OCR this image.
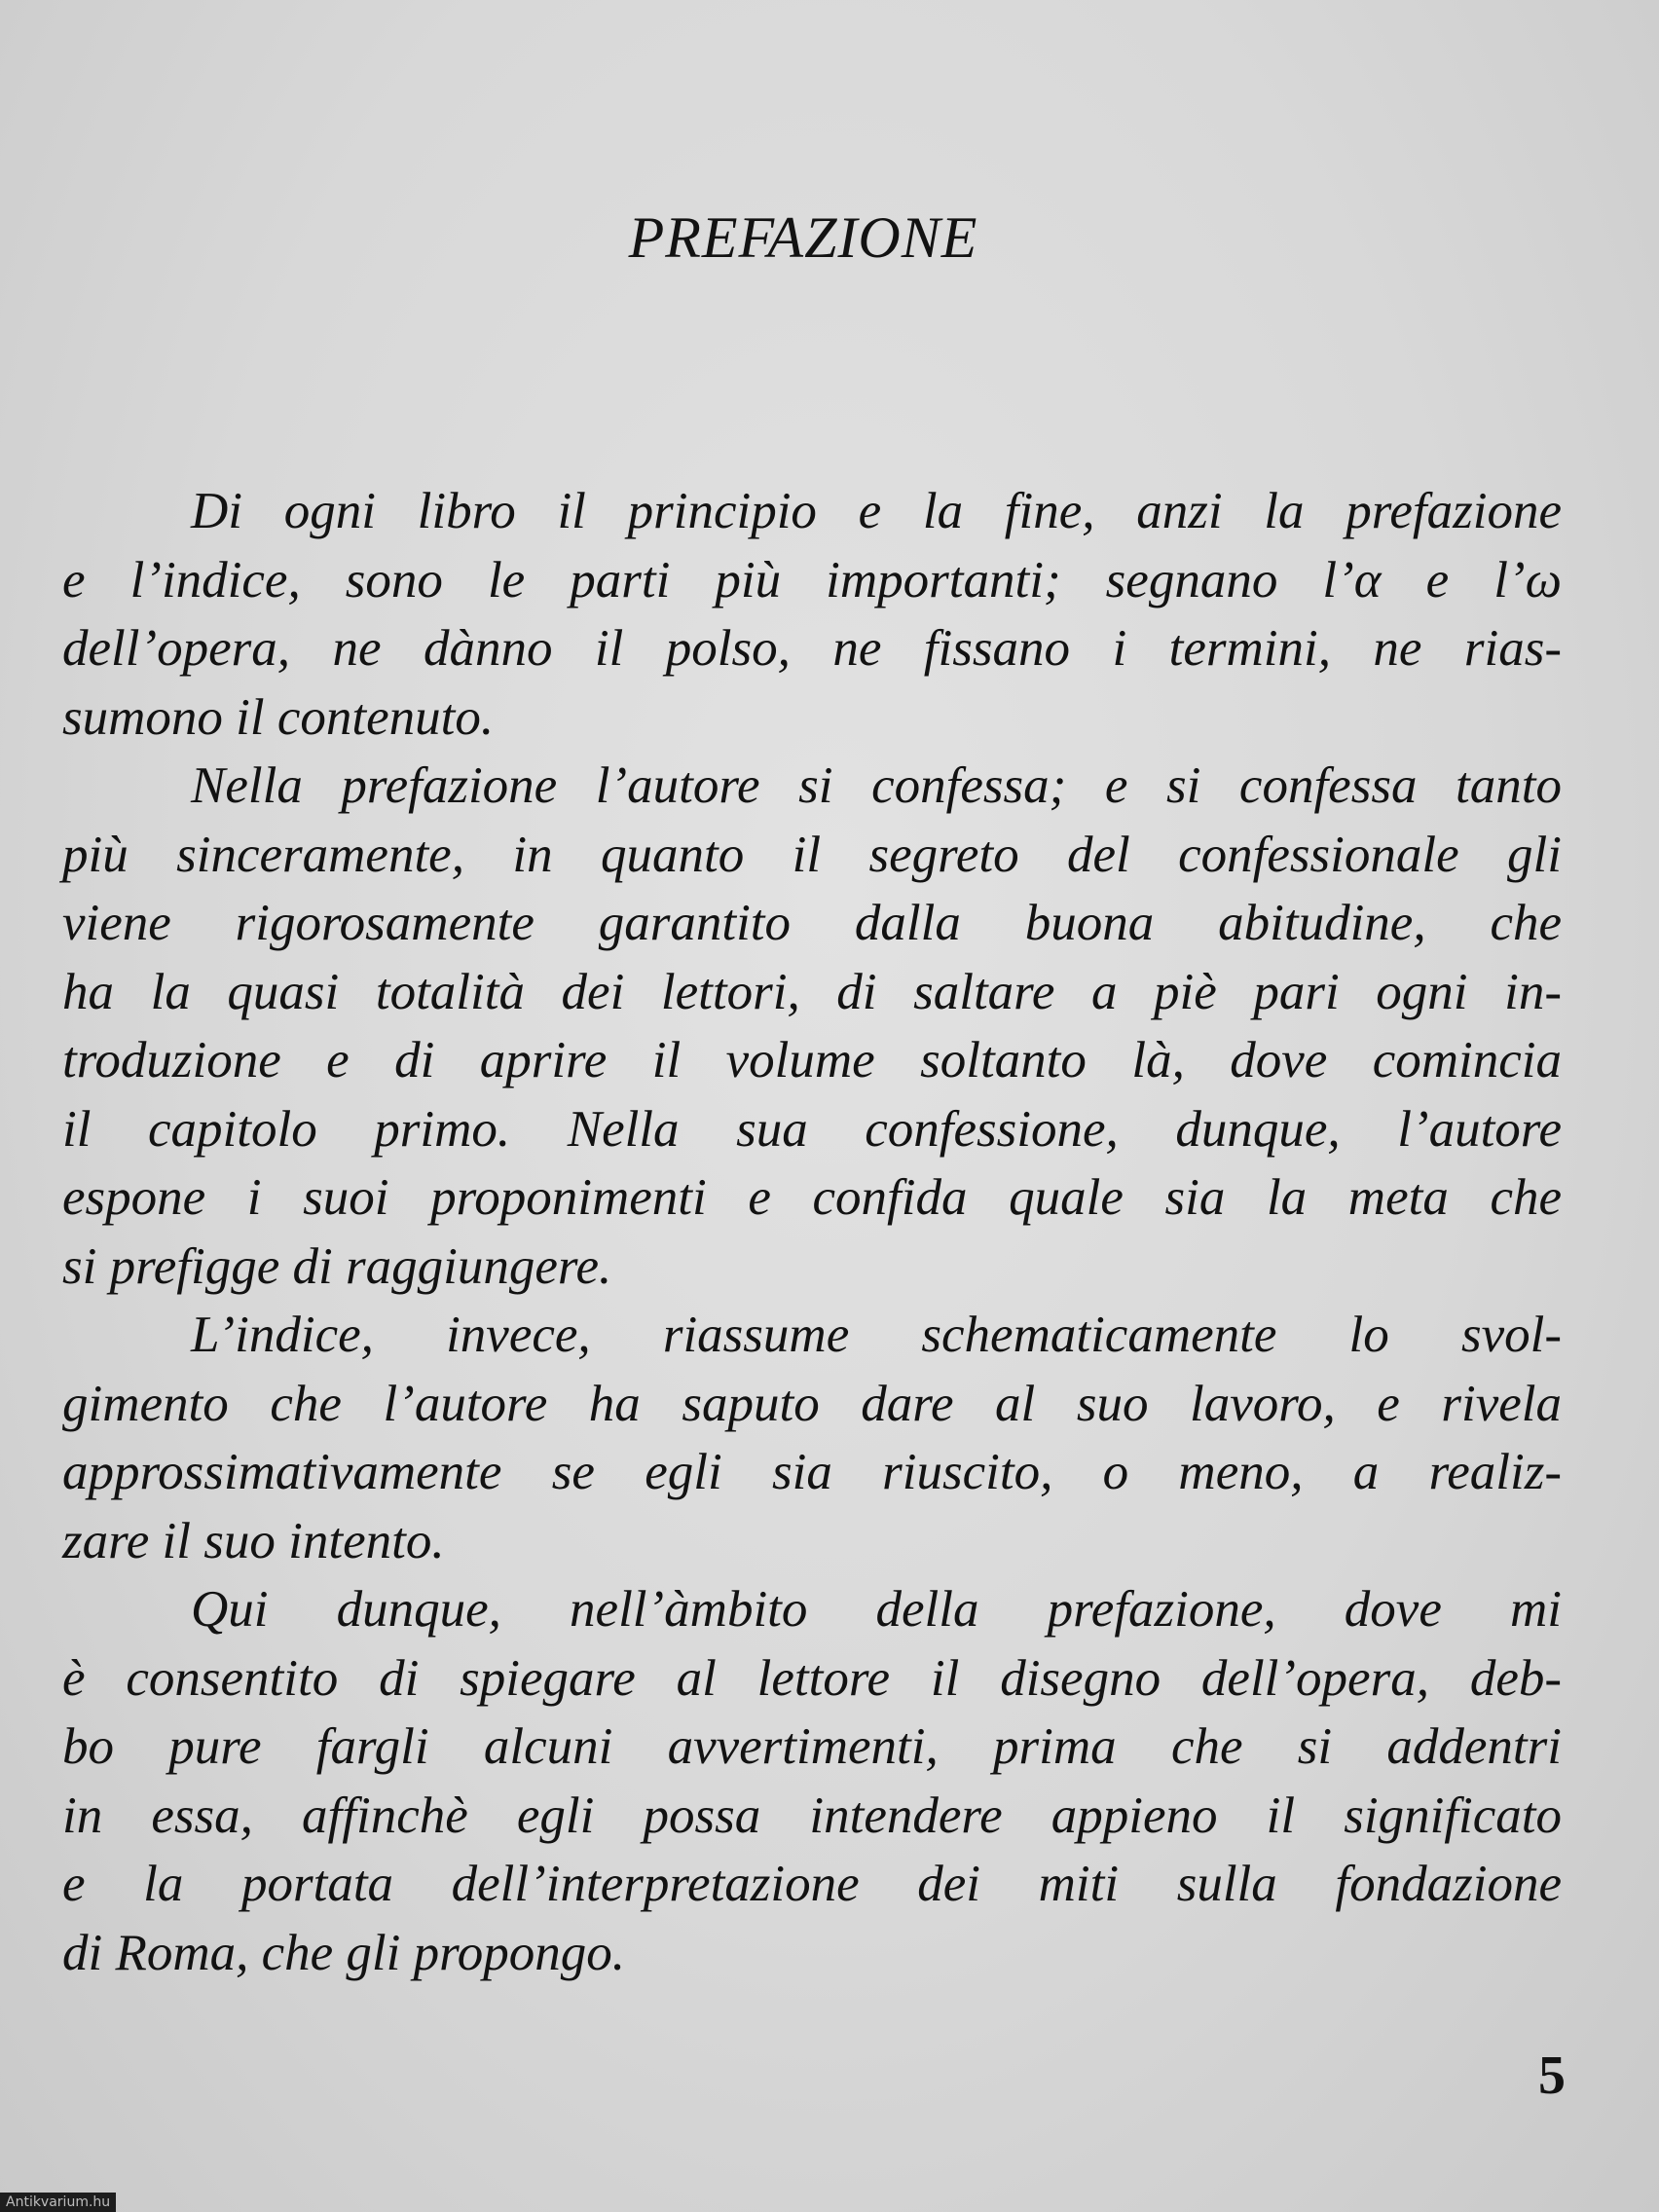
PREFAZIONE
Di ogni libro il principio e la fine, anzi la prefazione
e l’indice, sono le parti più importanti; segnano l’α e l’ω
dell’opera, ne dànno il polso, ne fissano i termini, ne rias-
sumono il contenuto.
Nella prefazione l’autore si confessa; e si confessa tanto
più sinceramente, in quanto il segreto del confessionale gli
viene rigorosamente garantito dalla buona abitudine, che
ha la quasi totalità dei lettori, di saltare a piè pari ogni in-
troduzione e di aprire il volume soltanto là, dove comincia
il capitolo primo. Nella sua confessione, dunque, l’autore
espone i suoi proponimenti e confida quale sia la meta che
si prefigge di raggiungere.
L’indice, invece, riassume schematicamente lo svol-
gimento che l’autore ha saputo dare al suo lavoro, e rivela
approssimativamente se egli sia riuscito, o meno, a realiz-
zare il suo intento.
Qui dunque, nell’àmbito della prefazione, dove mi
è consentito di spiegare al lettore il disegno dell’opera, deb-
bo pure fargli alcuni avvertimenti, prima che si addentri
in essa, affinchè egli possa intendere appieno il significato
e la portata dell’interpretazione dei miti sulla fondazione
di Roma, che gli propongo.
5
Antikvarium.hu
